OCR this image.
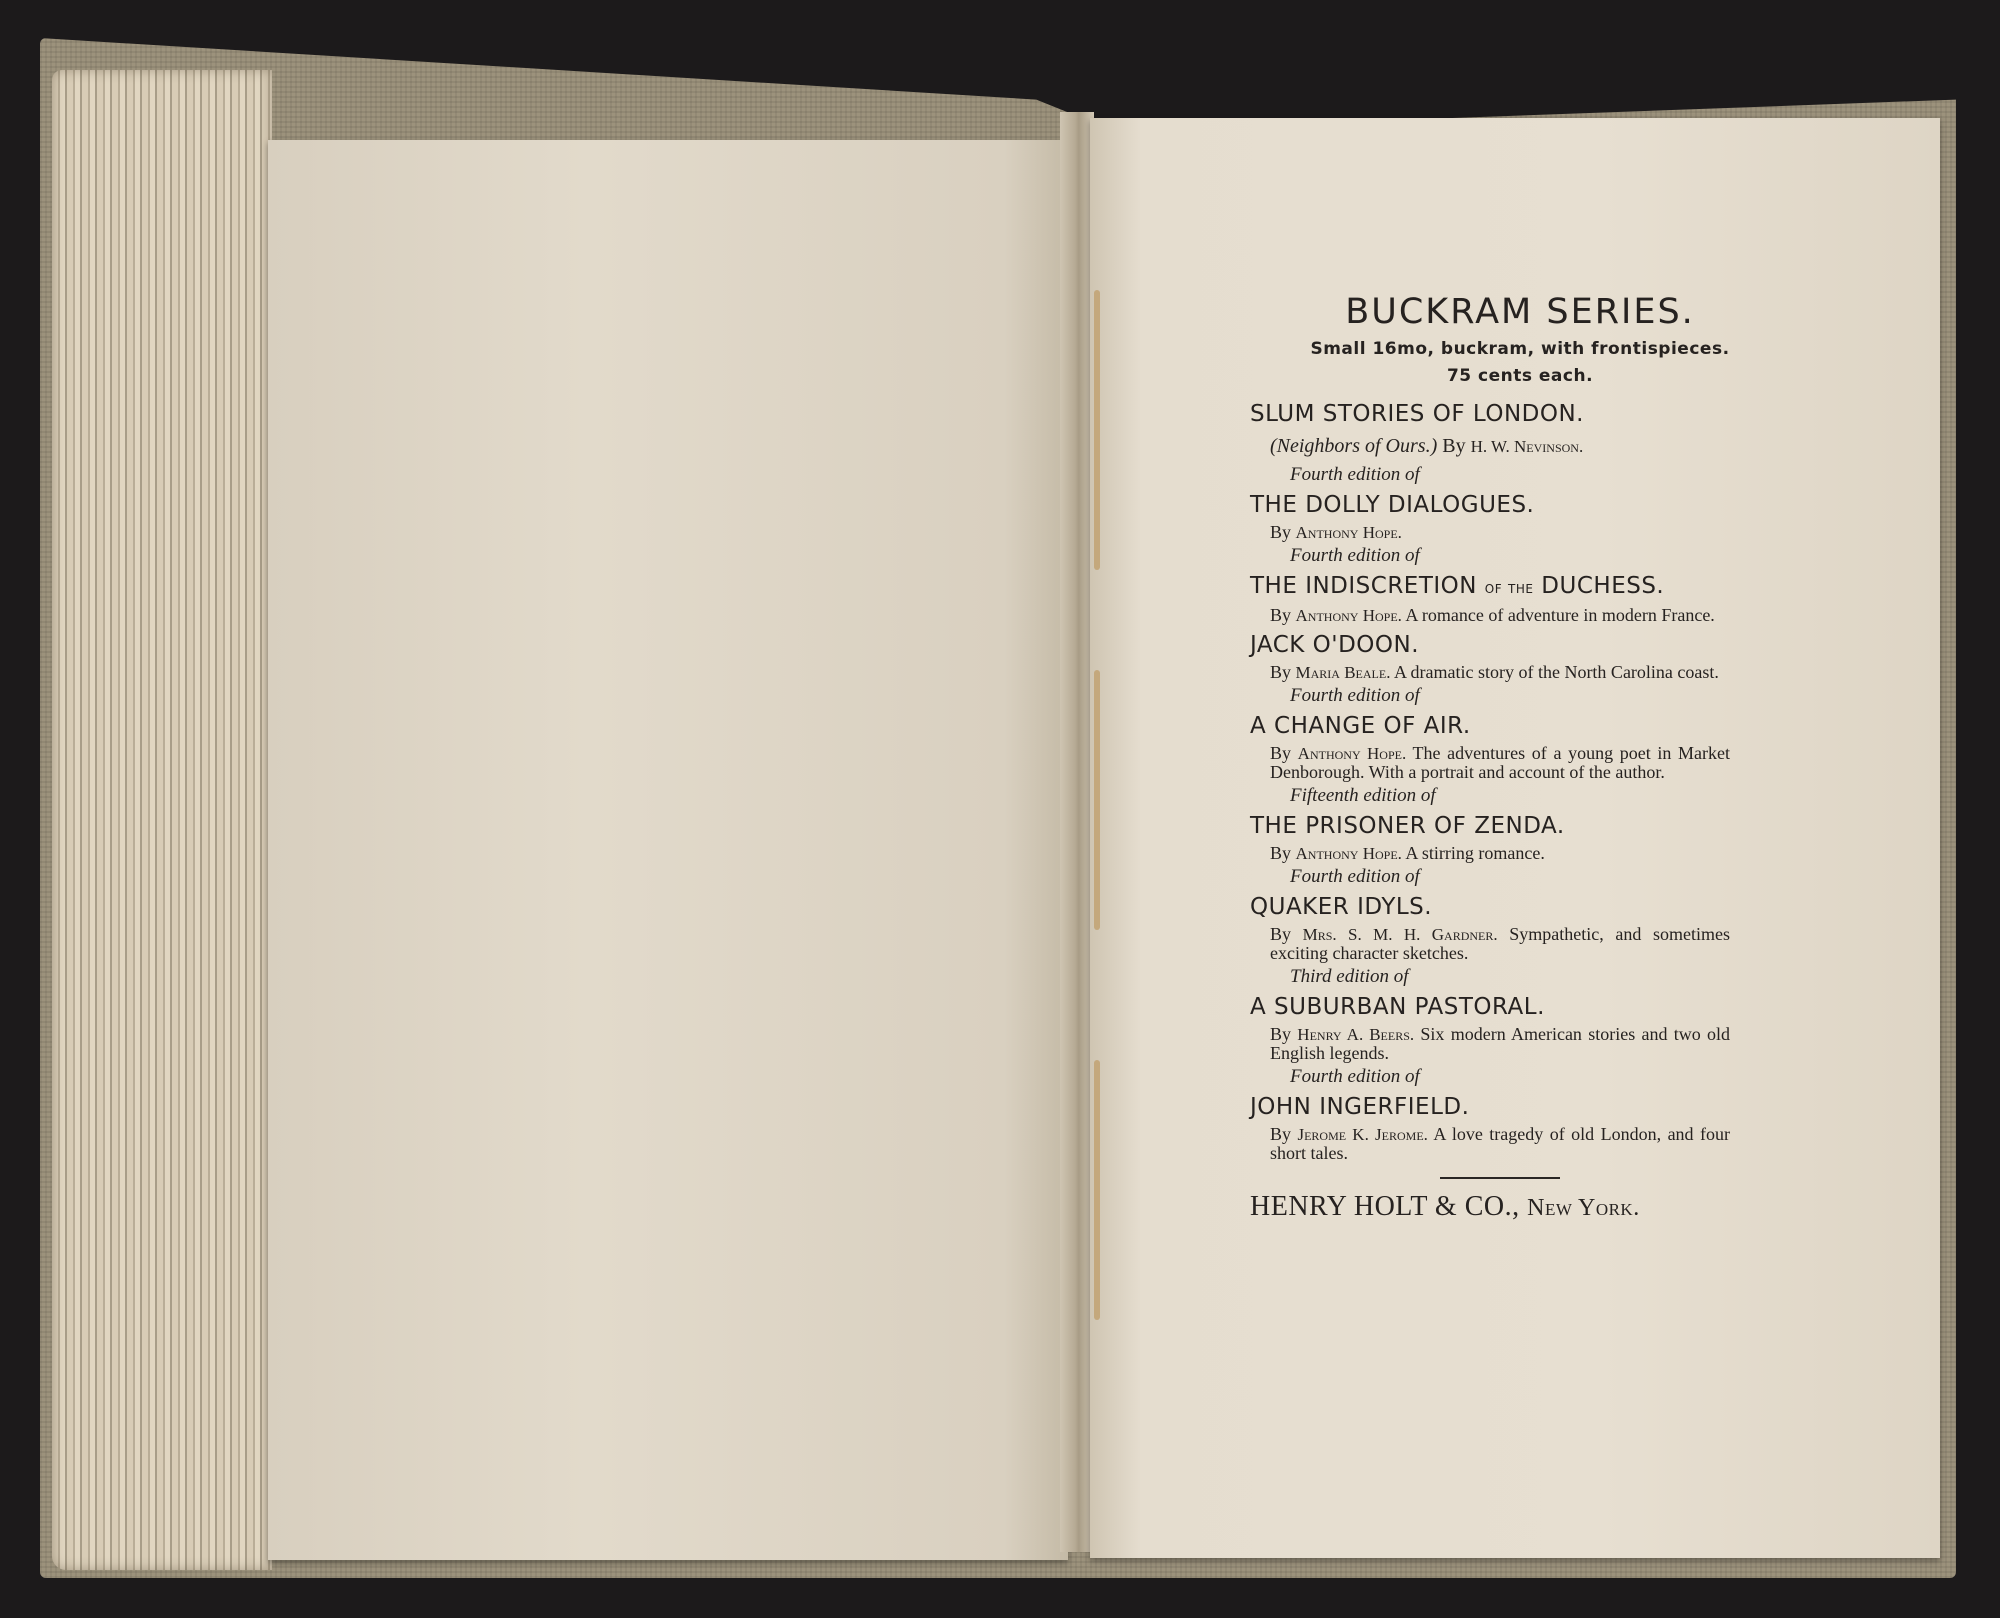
BUCKRAM SERIES.
Small 16mo, buckram, with frontispieces.
75 cents each.
SLUM STORIES OF LONDON.
(Neighbors of Ours.) By H. W. Nevinson.
Fourth edition of
THE DOLLY DIALOGUES.
By Anthony Hope.
Fourth edition of
THE INDISCRETION of the DUCHESS.
By Anthony Hope. A romance of adventure in modern France.
JACK O'DOON.
By Maria Beale. A dramatic story of the North Carolina coast.
Fourth edition of
A CHANGE OF AIR.
By Anthony Hope. The adventures of a young poet in Market Denborough. With a portrait and account of the author.
Fifteenth edition of
THE PRISONER OF ZENDA.
By Anthony Hope. A stirring romance.
Fourth edition of
QUAKER IDYLS.
By Mrs. S. M. H. Gardner. Sympathetic, and sometimes exciting character sketches.
Third edition of
A SUBURBAN PASTORAL.
By Henry A. Beers. Six modern American stories and two old English legends.
Fourth edition of
JOHN INGERFIELD.
By Jerome K. Jerome. A love tragedy of old London, and four short tales.
HENRY HOLT & CO., New York.
